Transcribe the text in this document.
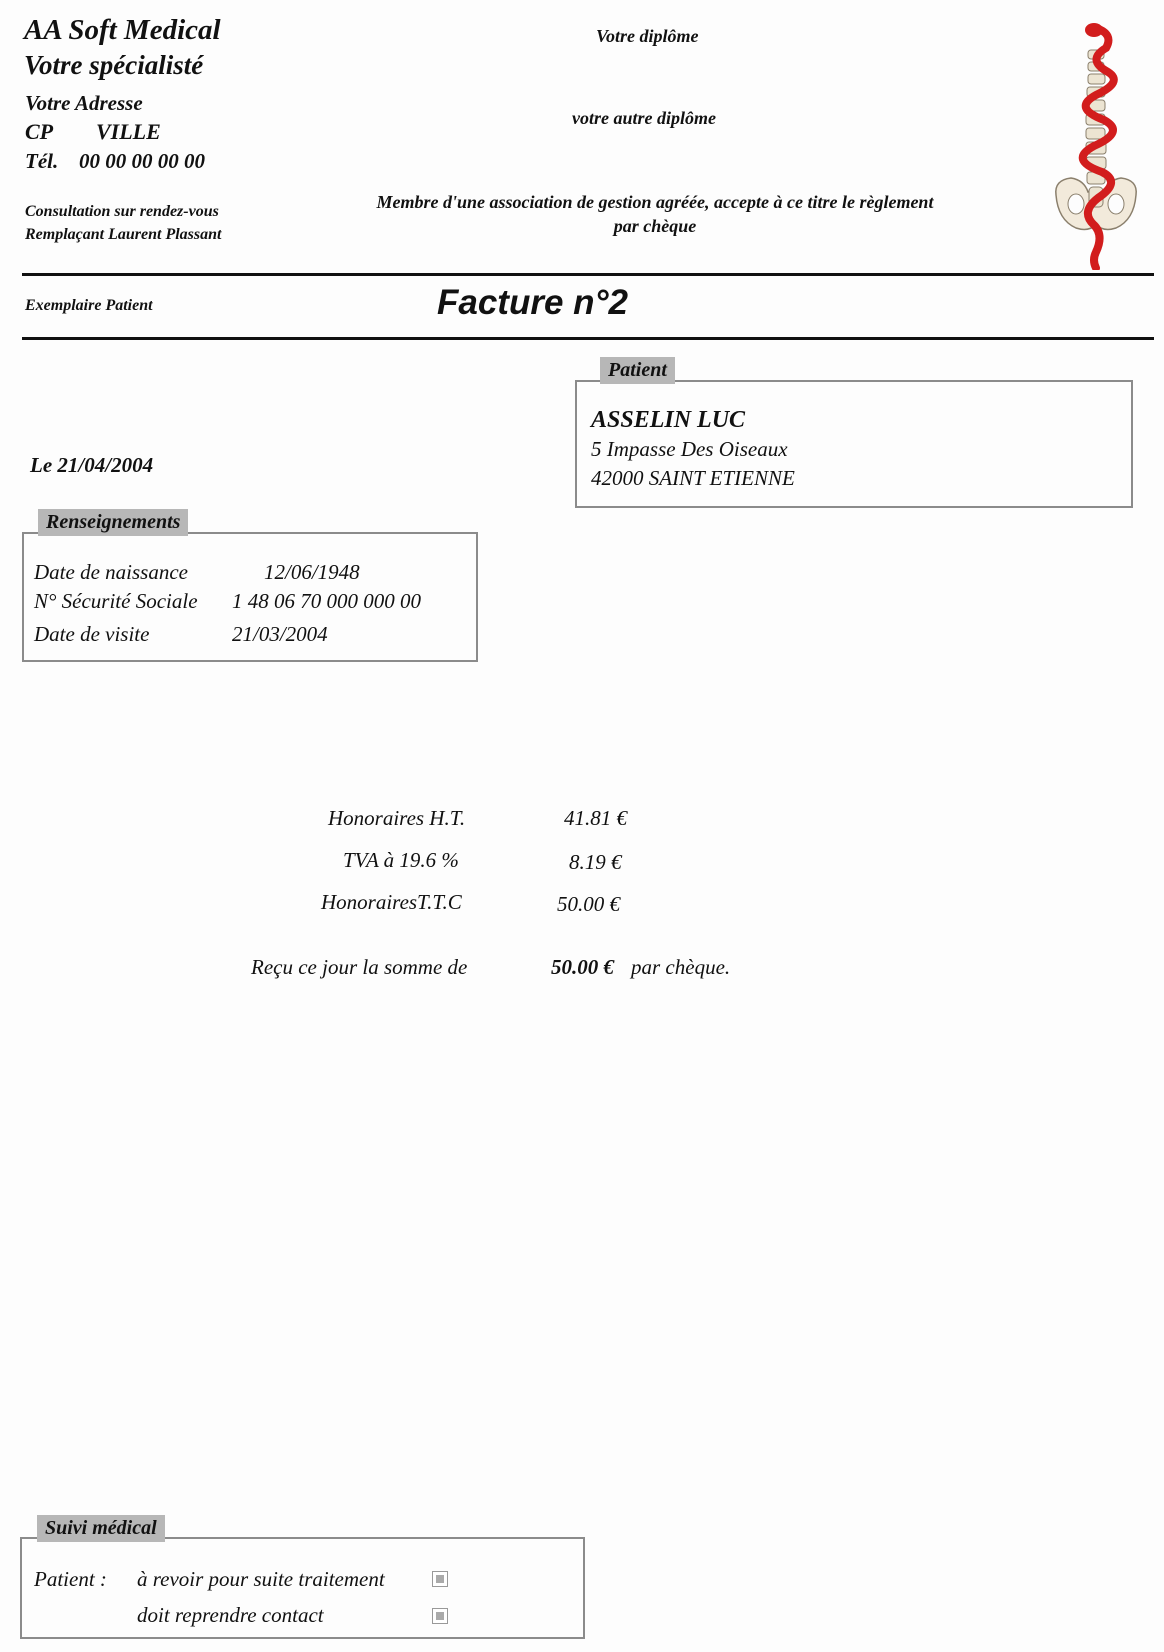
AA Soft Medical
Votre spécialisté
Votre Adresse
CP VILLE
Tél. 00 00 00 00 00
Consultation sur rendez-vous
Remplaçant Laurent Plassant
Votre diplôme
votre autre diplôme
Membre d'une association de gestion agréée, accepte à ce titre le règlement par chèque
Exemplaire Patient	Facture n°2
Patient
ASSELIN LUC
5 Impasse Des Oiseaux
42000 SAINT ETIENNE
Le 21/04/2004
Renseignements
Date de naissance	12/06/1948
N° Sécurité Sociale 1 48 06 70 000 000 00
Date de visite	21/03/2004
Honoraires H.T.	41.81 €
TVA à 19.6 %	8.19 €
HonorairesT.T.C	50.00 €
Reçu ce jour la somme de	50.00 € par chèque.
Suivi médical
Patient : à revoir pour suite traitement
doit reprendre contact
